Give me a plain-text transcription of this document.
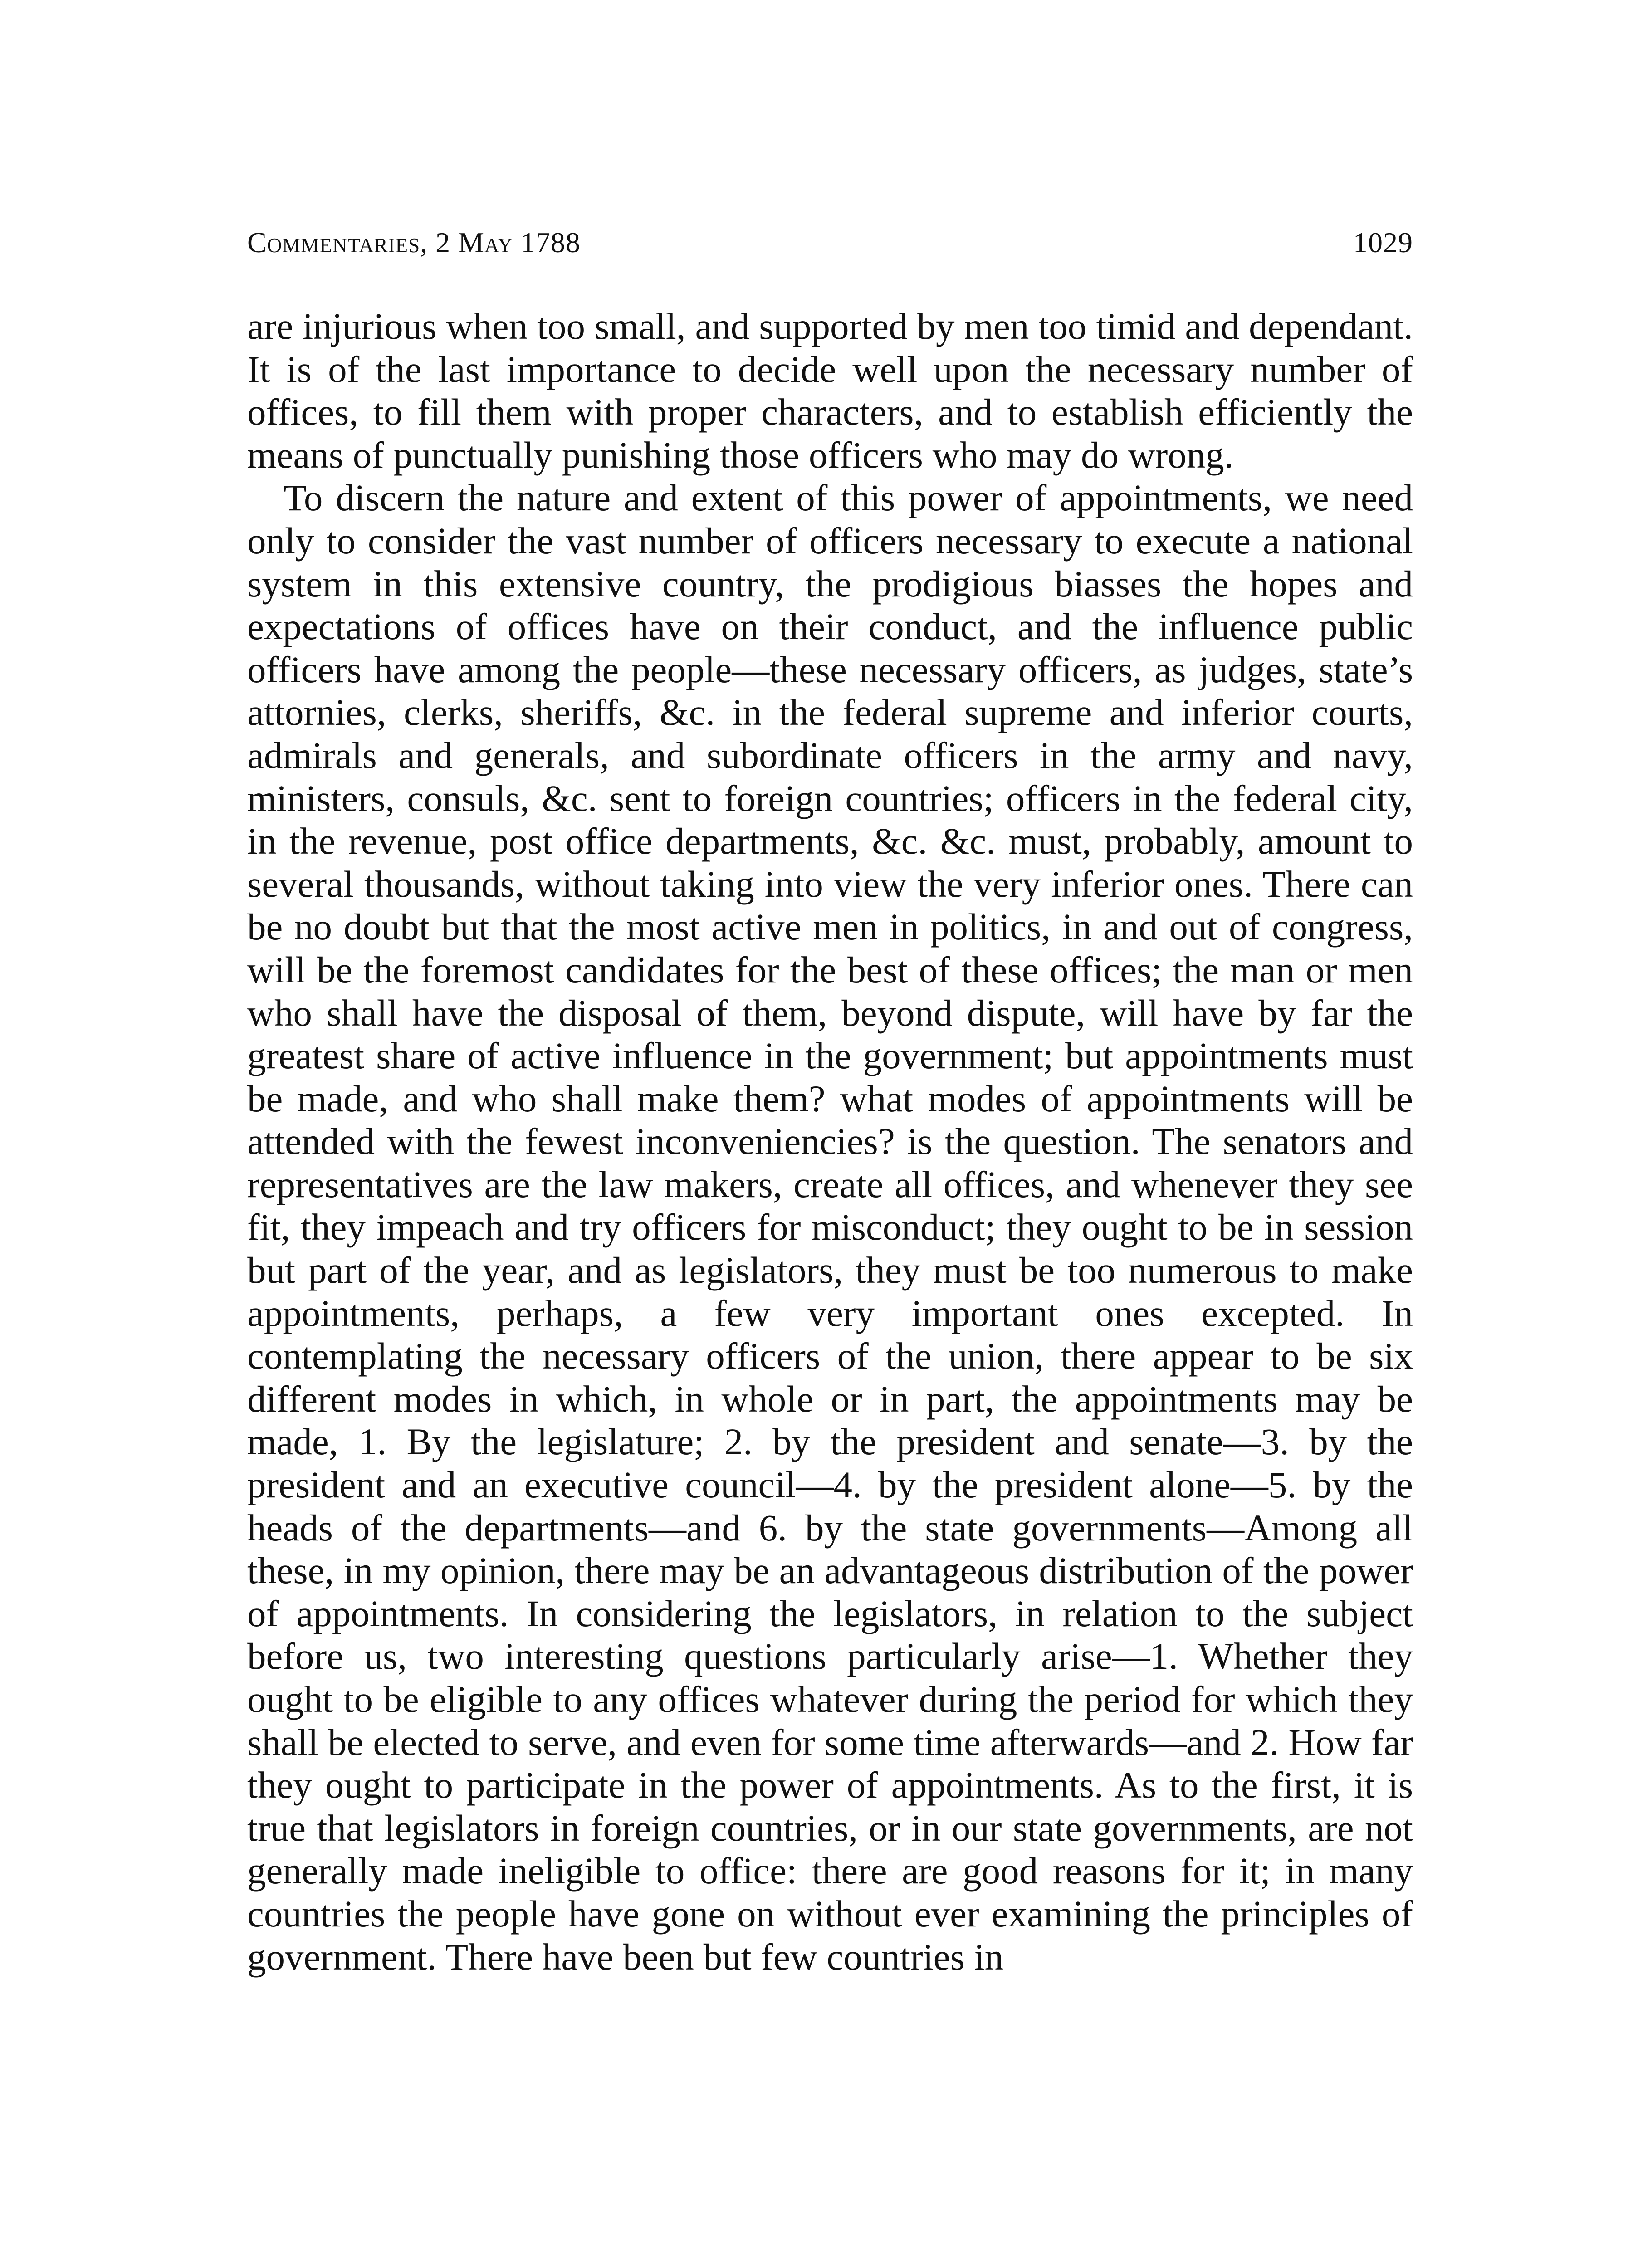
Commentaries, 2 May 1788	1029

are injurious when too small, and supported by men too timid and dependant. It is of the last importance to decide well upon the necessary number of offices, to fill them with proper characters, and to establish efficiently the means of punctually punishing those officers who may do wrong.

To discern the nature and extent of this power of appointments, we need only to consider the vast number of officers necessary to execute a national system in this extensive country, the prodigious biasses the hopes and expectations of offices have on their conduct, and the influence public officers have among the people—these necessary officers, as judges, state’s attornies, clerks, sheriffs, &c. in the federal supreme and inferior courts, admirals and generals, and subordinate officers in the army and navy, ministers, consuls, &c. sent to foreign countries; officers in the federal city, in the revenue, post office departments, &c. &c. must, probably, amount to several thousands, without taking into view the very inferior ones. There can be no doubt but that the most active men in politics, in and out of congress, will be the foremost candidates for the best of these offices; the man or men who shall have the disposal of them, beyond dispute, will have by far the greatest share of active influence in the government; but appointments must be made, and who shall make them? what modes of appointments will be attended with the fewest inconveniencies? is the question. The senators and representatives are the law makers, create all offices, and whenever they see fit, they impeach and try officers for misconduct; they ought to be in session but part of the year, and as legislators, they must be too numerous to make appointments, perhaps, a few very important ones excepted. In contemplating the necessary officers of the union, there appear to be six different modes in which, in whole or in part, the appointments may be made, 1. By the legislature; 2. by the president and senate—3. by the president and an executive council—4. by the president alone—5. by the heads of the departments—and 6. by the state governments—Among all these, in my opinion, there may be an advantageous distribution of the power of appointments. In considering the legislators, in relation to the subject before us, two interesting questions particularly arise—1. Whether they ought to be eligible to any offices whatever during the period for which they shall be elected to serve, and even for some time afterwards—and 2. How far they ought to participate in the power of appointments. As to the first, it is true that legislators in foreign countries, or in our state governments, are not generally made ineligible to office: there are good reasons for it; in many countries the people have gone on without ever examining the principles of government. There have been but few countries in
